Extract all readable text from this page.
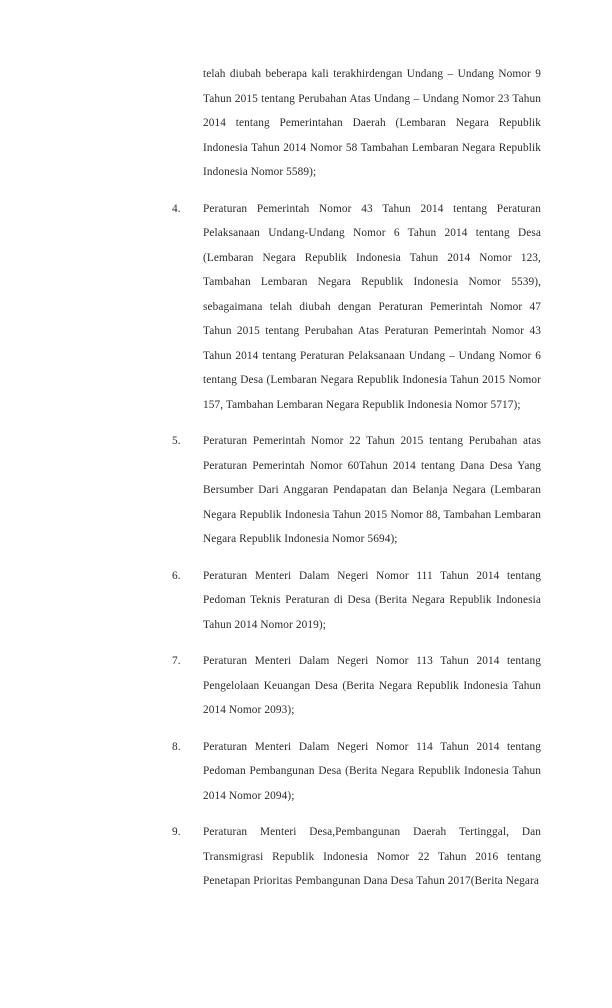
telah diubah beberapa kali terakhirdengan Undang – Undang Nomor 9 Tahun 2015 tentang Perubahan Atas Undang – Undang Nomor 23 Tahun 2014 tentang Pemerintahan Daerah (Lembaran Negara Republik Indonesia Tahun 2014 Nomor 58 Tambahan Lembaran Negara Republik Indonesia Nomor 5589);

4.	Peraturan Pemerintah Nomor 43 Tahun 2014 tentang Peraturan Pelaksanaan Undang-Undang Nomor 6 Tahun 2014 tentang Desa (Lembaran Negara Republik Indonesia Tahun 2014 Nomor 123, Tambahan Lembaran Negara Republik Indonesia Nomor 5539), sebagaimana telah diubah dengan Peraturan Pemerintah Nomor 47 Tahun 2015 tentang Perubahan Atas Peraturan Pemerintah Nomor 43 Tahun 2014 tentang Peraturan Pelaksanaan Undang – Undang Nomor 6 tentang Desa (Lembaran Negara Republik Indonesia Tahun 2015 Nomor 157, Tambahan Lembaran Negara Republik Indonesia Nomor 5717);
5.	Peraturan Pemerintah Nomor 22 Tahun 2015 tentang Perubahan atas Peraturan Pemerintah Nomor 60Tahun 2014 tentang Dana Desa Yang Bersumber Dari Anggaran Pendapatan dan Belanja Negara (Lembaran Negara Republik Indonesia Tahun 2015 Nomor 88, Tambahan Lembaran Negara Republik Indonesia Nomor 5694);
6.	Peraturan Menteri Dalam Negeri Nomor 111 Tahun 2014 tentang Pedoman Teknis Peraturan di Desa (Berita Negara Republik Indonesia Tahun 2014 Nomor 2019);
7.	Peraturan Menteri Dalam Negeri Nomor 113 Tahun 2014 tentang Pengelolaan Keuangan Desa (Berita Negara Republik Indonesia Tahun 2014 Nomor 2093);
8.	Peraturan Menteri Dalam Negeri Nomor 114 Tahun 2014 tentang Pedoman Pembangunan Desa (Berita Negara Republik Indonesia Tahun 2014 Nomor 2094);
9.	Peraturan Menteri Desa,Pembangunan Daerah Tertinggal, Dan Transmigrasi Republik Indonesia Nomor 22 Tahun 2016 tentang Penetapan Prioritas Pembangunan Dana Desa Tahun 2017(Berita Negara
